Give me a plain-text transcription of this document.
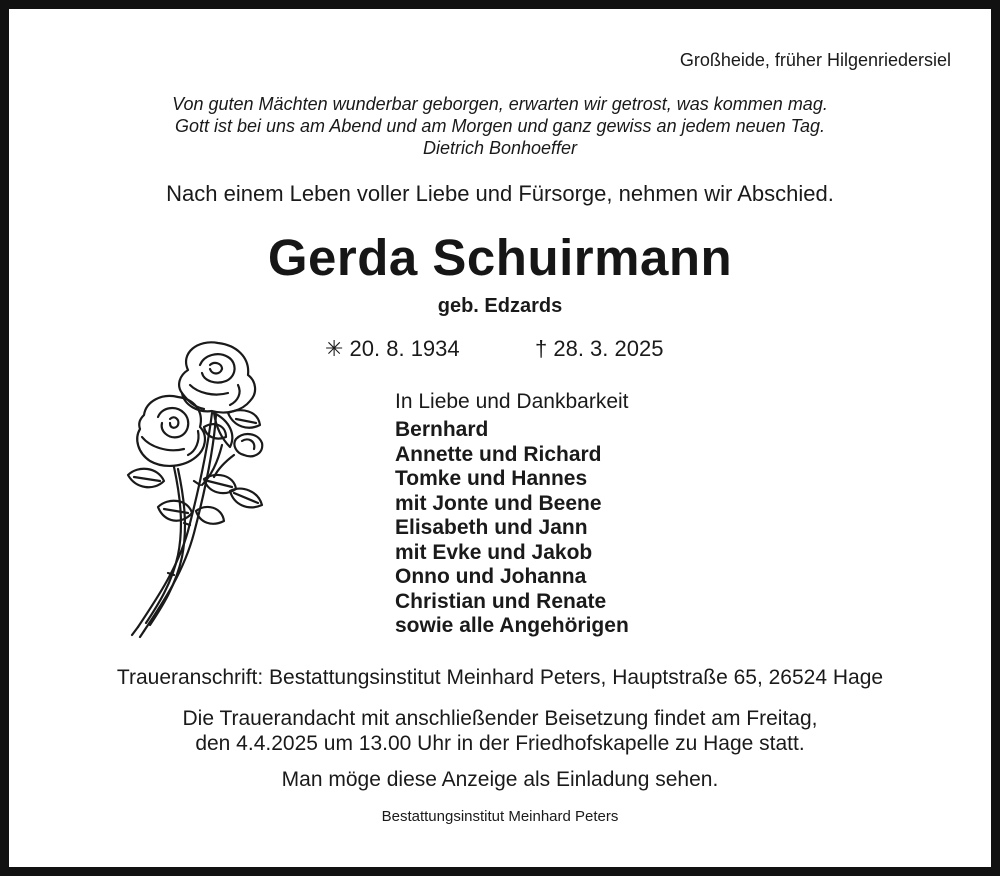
Großheide, früher Hilgenriedersiel
Von guten Mächten wunderbar geborgen, erwarten wir getrost, was kommen mag.
Gott ist bei uns am Abend und am Morgen und ganz gewiss an jedem neuen Tag.
Dietrich Bonhoeffer
Nach einem Leben voller Liebe und Fürsorge, nehmen wir Abschied.
Gerda Schuirmann
geb. Edzards
✳ 20. 8. 1934	† 28. 3. 2025
In Liebe und Dankbarkeit
Bernhard
Annette und Richard
Tomke und Hannes
mit Jonte und Beene
Elisabeth und Jann
mit Evke und Jakob
Onno und Johanna
Christian und Renate
sowie alle Angehörigen
Traueranschrift: Bestattungsinstitut Meinhard Peters, Hauptstraße 65, 26524 Hage
Die Trauerandacht mit anschließender Beisetzung findet am Freitag,
den 4.4.2025 um 13.00 Uhr in der Friedhofskapelle zu Hage statt.
Man möge diese Anzeige als Einladung sehen.
Bestattungsinstitut Meinhard Peters
